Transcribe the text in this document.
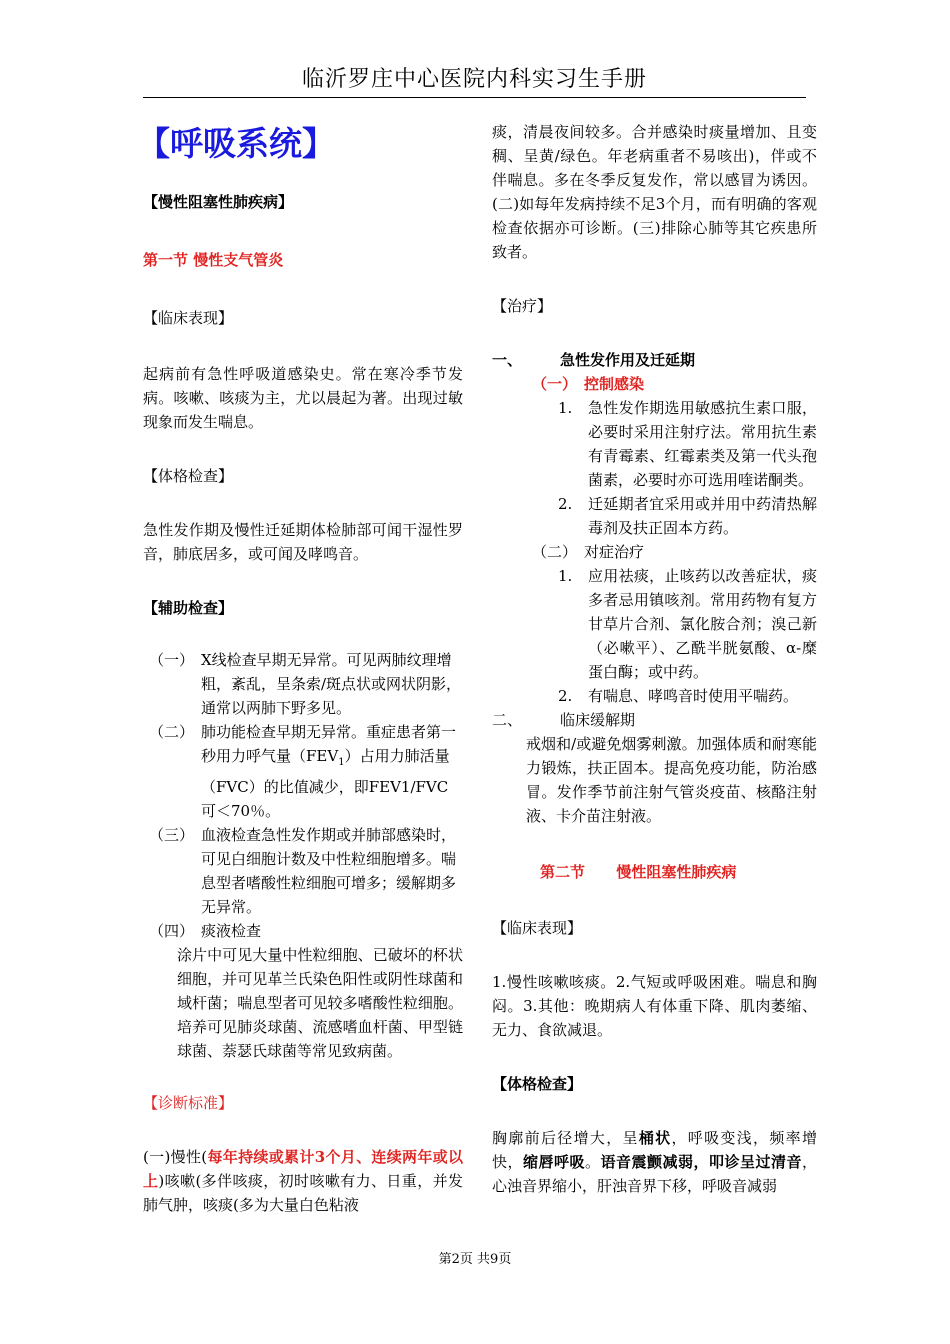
临沂罗庄中心医院内科实习生手册
【呼吸系统】

【慢性阻塞性肺疾病】

第一节 慢性支气管炎

【临床表现】

起病前有急性呼吸道感染史。常在寒冷季节发病。咳嗽、咳痰为主，尤以晨起为著。出现过敏现象而发生喘息。

【体格检查】

急性发作期及慢性迁延期体检肺部可闻干湿性罗音，肺底居多，或可闻及哮鸣音。

【辅助检查】

（一） X线检查早期无异常。可见两肺纹理增粗，紊乱，呈条索/斑点状或网状阴影，通常以两肺下野多见。
（二） 肺功能检查早期无异常。重症患者第一秒用力呼气量$(FEV_1)$占用力肺活量（FVC）的比值减少，即FEV1/FVC可＜70％。
（三） 血液检查急性发作期或并肺部感染时，可见白细胞计数及中性粒细胞增多。喘息型者嗜酸性粒细胞可增多；缓解期多无异常。
（四） 痰液检查

涂片中可见大量中性粒细胞、已破坏的杯状细胞，并可见革兰氏染色阳性或阴性球菌和域杆菌；喘息型者可见较多嗜酸性粒细胞。培养可见肺炎球菌、流感嗜血杆菌、甲型链球菌、萘瑟氏球菌等常见致病菌。

【诊断标准】

(一)慢性(每年持续或累计3个月、连续两年或以上)咳嗽(多伴咳痰，初时咳嗽有力、日重，并发肺气肿，咳痰(多为大量白色粘液

痰，清晨夜间较多。合并感染时痰量增加、且变稠、呈黄/绿色。年老病重者不易咳出)，伴或不伴喘息。多在冬季反复发作，常以感冒为诱因。(二)如每年发病持续不足3个月，而有明确的客观检查依据亦可诊断。(三)排除心肺等其它疾患所致者。

【治疗】

一、	急性发作用及迁延期
（一） 控制感染
1.	急性发作期选用敏感抗生素口服，必要时采用注射疗法。常用抗生素有青霉素、红霉素类及第一代头孢菌素，必要时亦可选用喹诺酮类。
2.	迁延期者宜采用或并用中药清热解毒剂及扶正固本方药。
（二） 对症治疗
1.	应用祛痰，止咳药以改善症状，痰多者忌用镇咳剂。常用药物有复方甘草片合剂、氯化胺合剂；溴己新（必嗽平）、乙酰半胱氨酸、α-糜蛋白酶；或中药。
2.	有喘息、哮鸣音时使用平喘药。
二、	临床缓解期

戒烟和/或避免烟雾刺激。加强体质和耐寒能力锻炼，扶正固本。提高免疫功能，防治感冒。发作季节前注射气管炎疫苗、核酪注射液、卡介苗注射液。

第二节      慢性阻塞性肺疾病

【临床表现】

1.慢性咳嗽咳痰。2.气短或呼吸困难。喘息和胸闷。3.其他：晚期病人有体重下降、肌肉萎缩、无力、食欲减退。

【体格检查】

胸廓前后径增大，呈桶状，呼吸变浅，频率增快，缩唇呼吸。语音震颤减弱，叩诊呈过清音，心浊音界缩小，肝浊音界下移，呼吸音减弱

第2页 共9页
